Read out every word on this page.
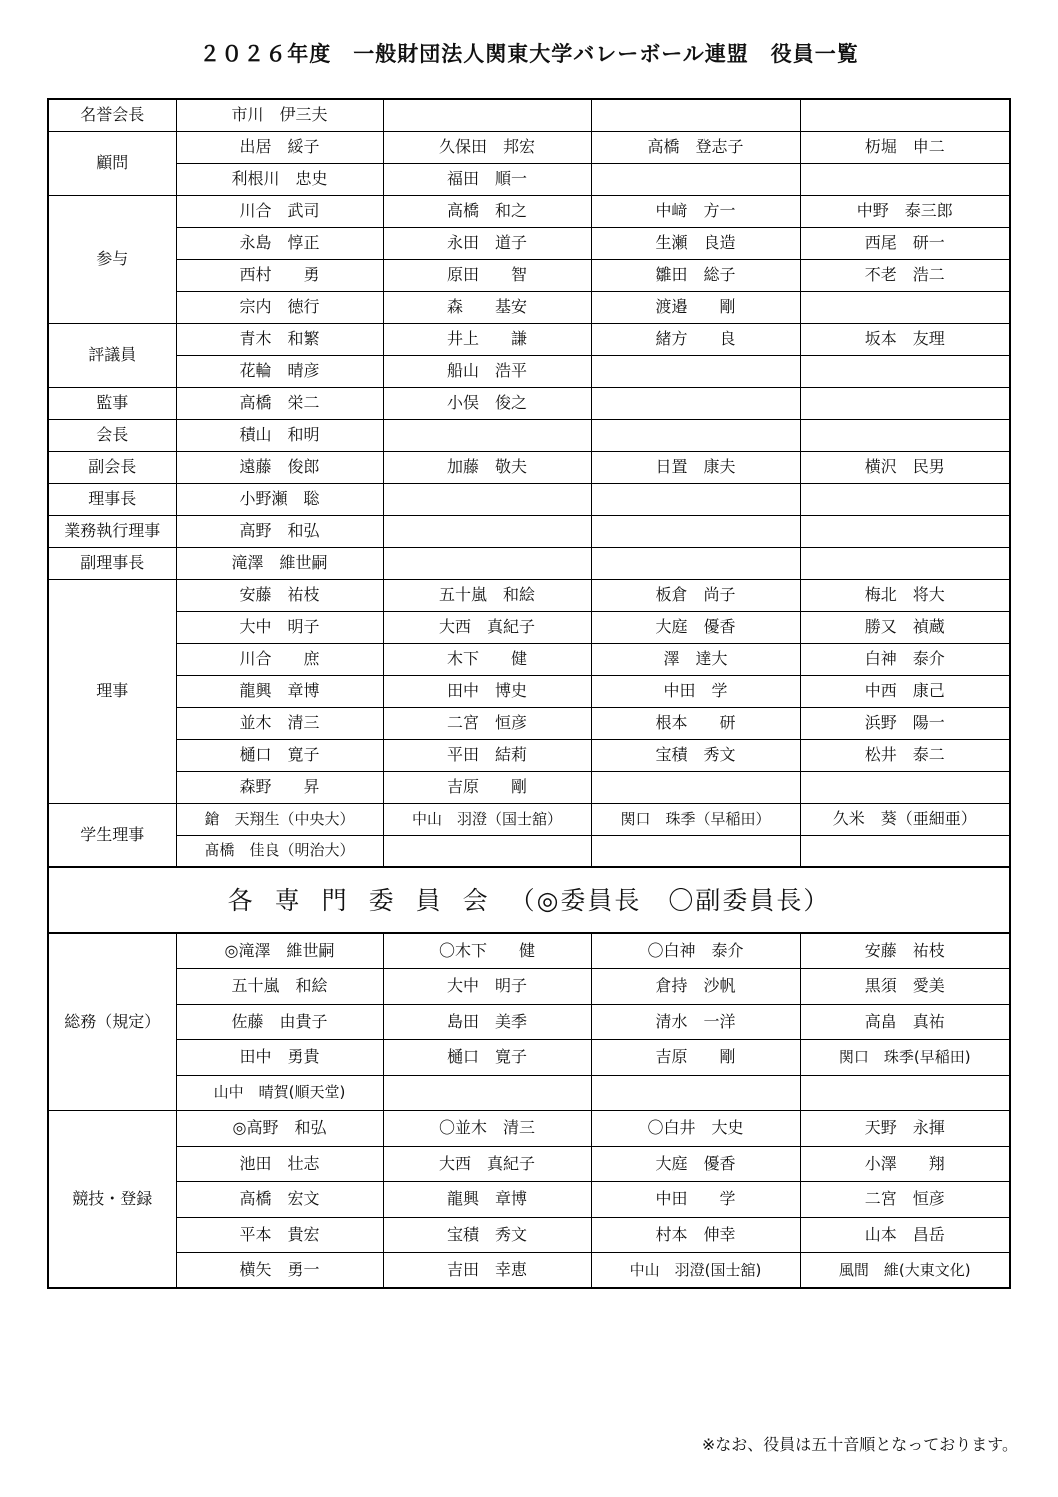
２０２６年度　一般財団法人関東大学バレーボール連盟　役員一覧
名誉会長	市川　伊三夫			
顧問	出居　綏子	久保田　邦宏	高橋　登志子	杤堀　申二
	利根川　忠史	福田　順一		
参与	川合　武司	高橋　和之	中﨑　方一	中野　泰三郎
	永島　惇正	永田　道子	生瀬　良造	西尾　研一
	西村　　勇	原田　　智	雛田　総子	不老　浩二
	宗内　徳行	森　　基安	渡邉　　剛	
評議員	青木　和繁	井上　　謙	緒方　　良	坂本　友理
	花輪　晴彦	船山　浩平		
監事	高橋　栄二	小俣　俊之		
会長	積山　和明			
副会長	遠藤　俊郎	加藤　敬夫	日置　康夫	横沢　民男
理事長	小野瀬　聡			
業務執行理事	高野　和弘			
副理事長	滝澤　維世嗣			
理事	安藤　祐枝	五十嵐　和絵	板倉　尚子	梅北　将大
	大中　明子	大西　真紀子	大庭　優香	勝又　禎蔵
	川合　　庶	木下　　健	澤　達大	白神　泰介
	龍興　章博	田中　博史	中田　学	中西　康己
	並木　清三	二宮　恒彦	根本　　研	浜野　陽一
	樋口　寛子	平田　結莉	宝積　秀文	松井　泰二
	森野　　昇	吉原　　剛		
学生理事	鎗　天翔生（中央大）	中山　羽澄（国士舘）	関口　珠季（早稲田）	久米　葵（亜細亜）
	髙橋　佳良（明治大）			
各専門委員会（◎委員長　〇副委員長）				
総務（規定）	◎滝澤　維世嗣	〇木下　　健	〇白神　泰介	安藤　祐枝
	五十嵐　和絵	大中　明子	倉持　沙帆	黒須　愛美
	佐藤　由貴子	島田　美季	清水　一洋	高畠　真祐
	田中　勇貴	樋口　寛子	吉原　　剛	関口　珠季(早稲田)
	山中　晴賀(順天堂)			
競技・登録	◎高野　和弘	〇並木　清三	〇白井　大史	天野　永揮
	池田　壮志	大西　真紀子	大庭　優香	小澤　　翔
	高橋　宏文	龍興　章博	中田　　学	二宮　恒彦
	平本　貴宏	宝積　秀文	村本　伸幸	山本　昌岳
	横矢　勇一	吉田　幸恵	中山　羽澄(国士舘)	風間　維(大東文化)
※なお、役員は五十音順となっております。
